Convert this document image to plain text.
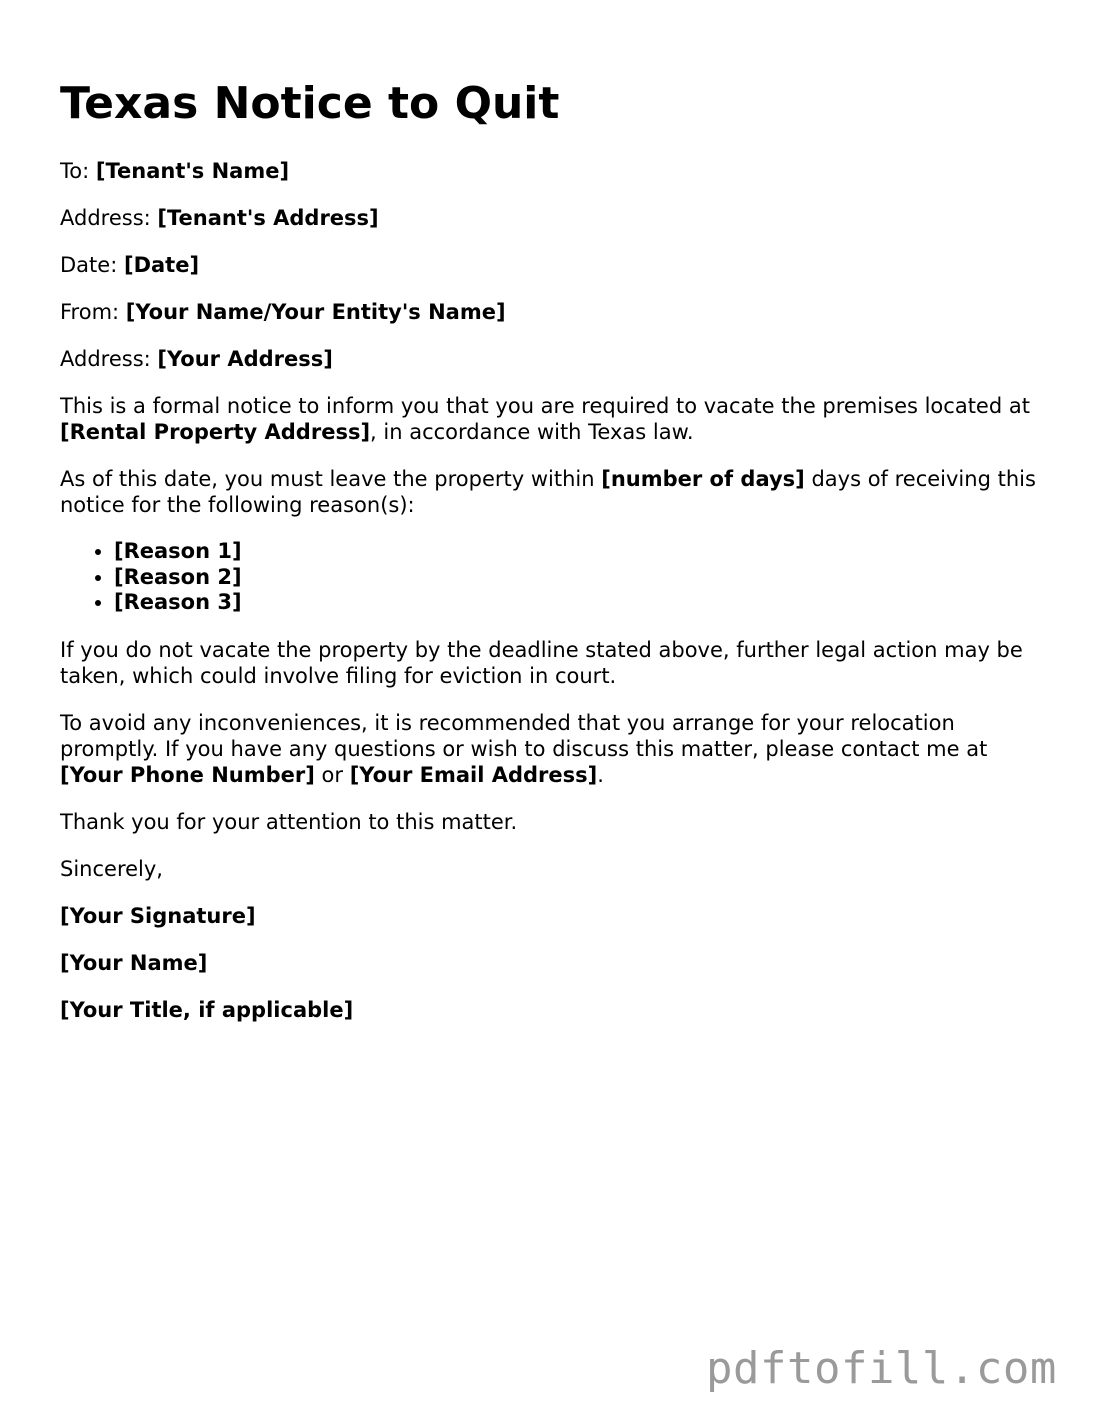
Texas Notice to Quit

To: [Tenant's Name]

Address: [Tenant's Address]

Date: [Date]

From: [Your Name/Your Entity's Name]

Address: [Your Address]

This is a formal notice to inform you that you are required to vacate the premises located at [Rental Property Address], in accordance with Texas law.

As of this date, you must leave the property within [number of days] days of receiving this notice for the following reason(s):

• [Reason 1]
• [Reason 2]
• [Reason 3]

If you do not vacate the property by the deadline stated above, further legal action may be taken, which could involve filing for eviction in court.

To avoid any inconveniences, it is recommended that you arrange for your relocation promptly. If you have any questions or wish to discuss this matter, please contact me at [Your Phone Number] or [Your Email Address].

Thank you for your attention to this matter.

Sincerely,

[Your Signature]

[Your Name]

[Your Title, if applicable]

pdftofill.com
